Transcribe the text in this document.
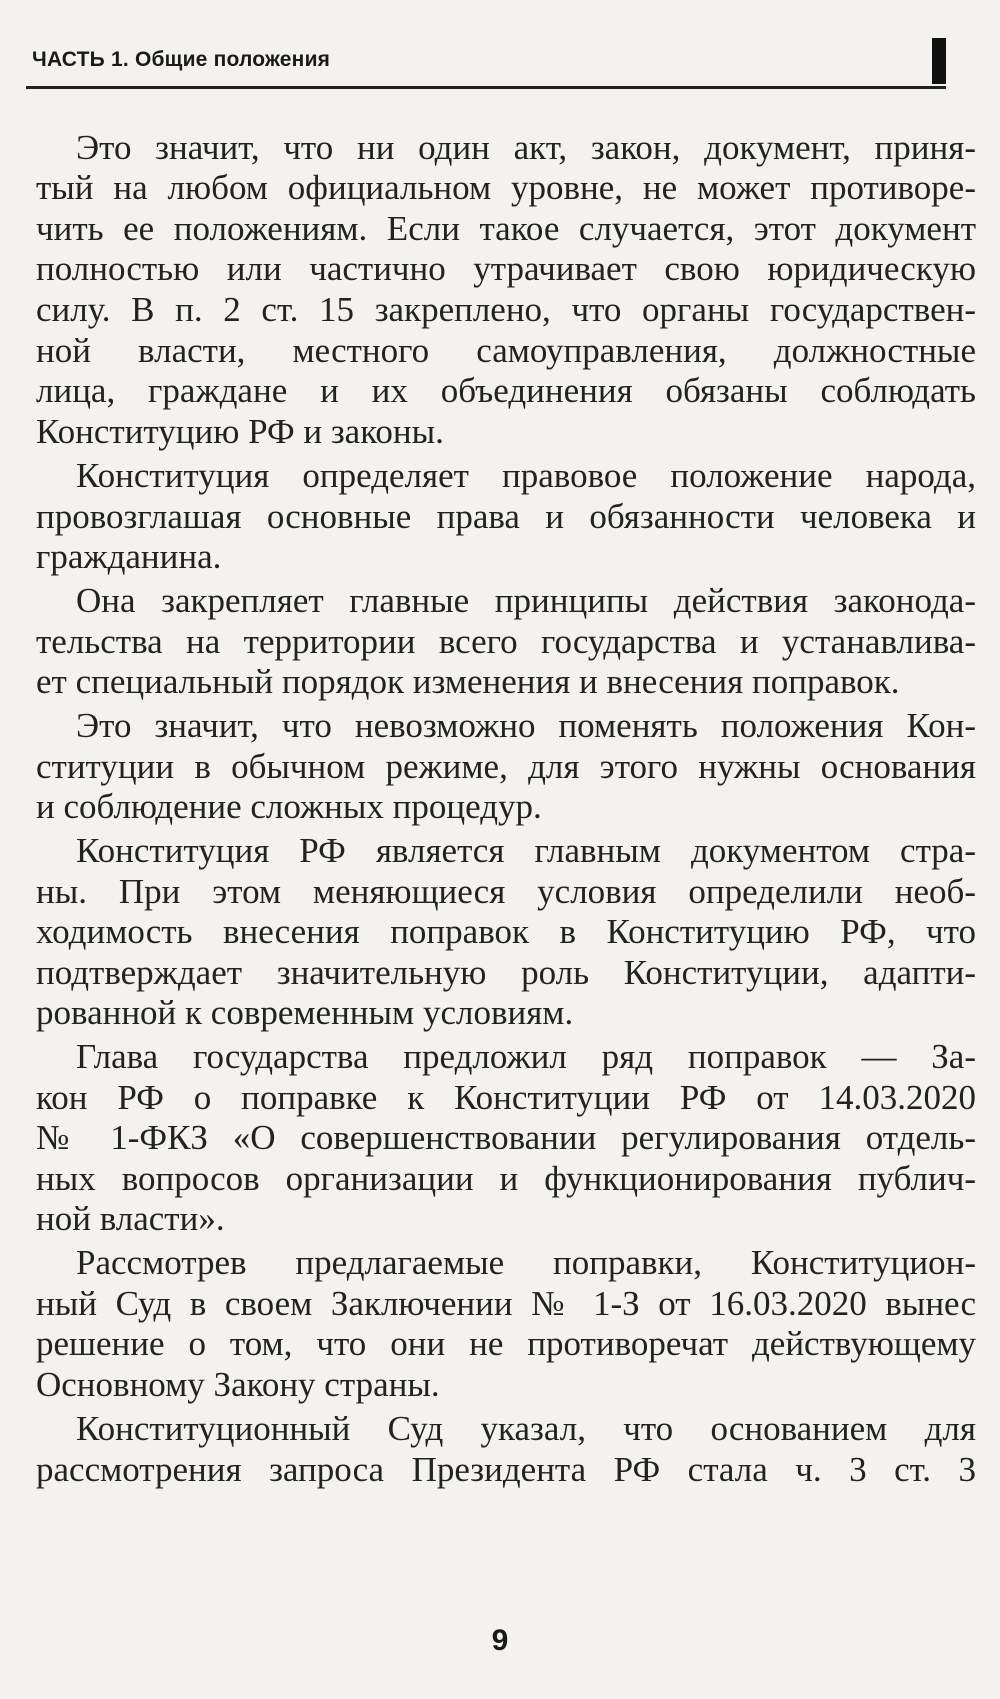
ЧАСТЬ 1. Общие положения
Это значит, что ни один акт, закон, документ, приня-
тый на любом официальном уровне, не может противоре-
чить ее положениям. Если такое случается, этот документ
полностью или частично утрачивает свою юридическую
силу. В п. 2 ст. 15 закреплено, что органы государствен-
ной власти, местного самоуправления, должностные
лица, граждане и их объединения обязаны соблюдать
Конституцию РФ и законы.
Конституция определяет правовое положение народа,
провозглашая основные права и обязанности человека и
гражданина.
Она закрепляет главные принципы действия законода-
тельства на территории всего государства и устанавлива-
ет специальный порядок изменения и внесения поправок.
Это значит, что невозможно поменять положения Кон-
ституции в обычном режиме, для этого нужны основания
и соблюдение сложных процедур.
Конституция РФ является главным документом стра-
ны. При этом меняющиеся условия определили необ-
ходимость внесения поправок в Конституцию РФ, что
подтверждает значительную роль Конституции, адапти-
рованной к современным условиям.
Глава государства предложил ряд поправок — За-
кон РФ о поправке к Конституции РФ от 14.03.2020
№ 1-ФКЗ «О совершенствовании регулирования отдель-
ных вопросов организации и функционирования публич-
ной власти».
Рассмотрев предлагаемые поправки, Конституцион-
ный Суд в своем Заключении № 1-З от 16.03.2020 вынес
решение о том, что они не противоречат действующему
Основному Закону страны.
Конституционный Суд указал, что основанием для
рассмотрения запроса Президента РФ стала ч. 3 ст. 3
9
